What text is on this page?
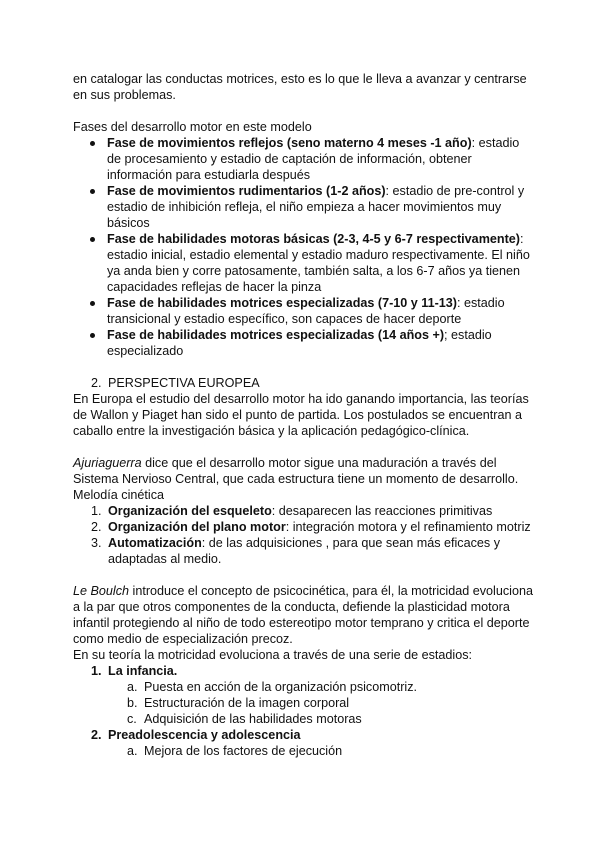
en catalogar las conductas motrices, esto es lo que le lleva a avanzar y centrarse en sus problemas.

Fases del desarrollo motor en este modelo

Fase de movimientos reflejos (seno materno 4 meses -1 año): estadio de procesamiento y estadio de captación de información, obtener información para estudiarla después
Fase de movimientos rudimentarios (1-2 años): estadio de pre-control y estadio de inhibición refleja, el niño empieza a hacer movimientos muy básicos
Fase de habilidades motoras básicas (2-3, 4-5 y 6-7 respectivamente): estadio inicial, estadio elemental y estadio maduro respectivamente. El niño ya anda bien y corre patosamente, también salta, a los 6-7 años ya tienen capacidades reflejas de hacer la pinza
Fase de habilidades motrices especializadas (7-10 y 11-13): estadio transicional y estadio específico, son capaces de hacer deporte
Fase de habilidades motrices especializadas (14 años +); estadio especializado
2. PERSPECTIVA EUROPEA

En Europa el estudio del desarrollo motor ha ido ganando importancia, las teorías de Wallon y Piaget han sido el punto de partida. Los postulados se encuentran a caballo entre la investigación básica y la aplicación pedagógico-clínica.

Ajuriaguerra dice que el desarrollo motor sigue una maduración a través del Sistema Nervioso Central, que cada estructura tiene un momento de desarrollo. Melodía cinética

1. Organización del esqueleto: desaparecen las reacciones primitivas
2. Organización del plano motor: integración motora y el refinamiento motriz
3. Automatización: de las adquisiciones , para que sean más eficaces y adaptadas al medio.

Le Boulch introduce el concepto de psicocinética, para él, la motricidad evoluciona a la par que otros componentes de la conducta, defiende la plasticidad motora infantil protegiendo al niño de todo estereotipo motor temprano y critica el deporte como medio de especialización precoz.

En su teoría la motricidad evoluciona a través de una serie de estadios:

1. La infancia.
a. Puesta en acción de la organización psicomotriz.
b. Estructuración de la imagen corporal
c. Adquisición de las habilidades motoras
2. Preadolescencia y adolescencia
a. Mejora de los factores de ejecución
